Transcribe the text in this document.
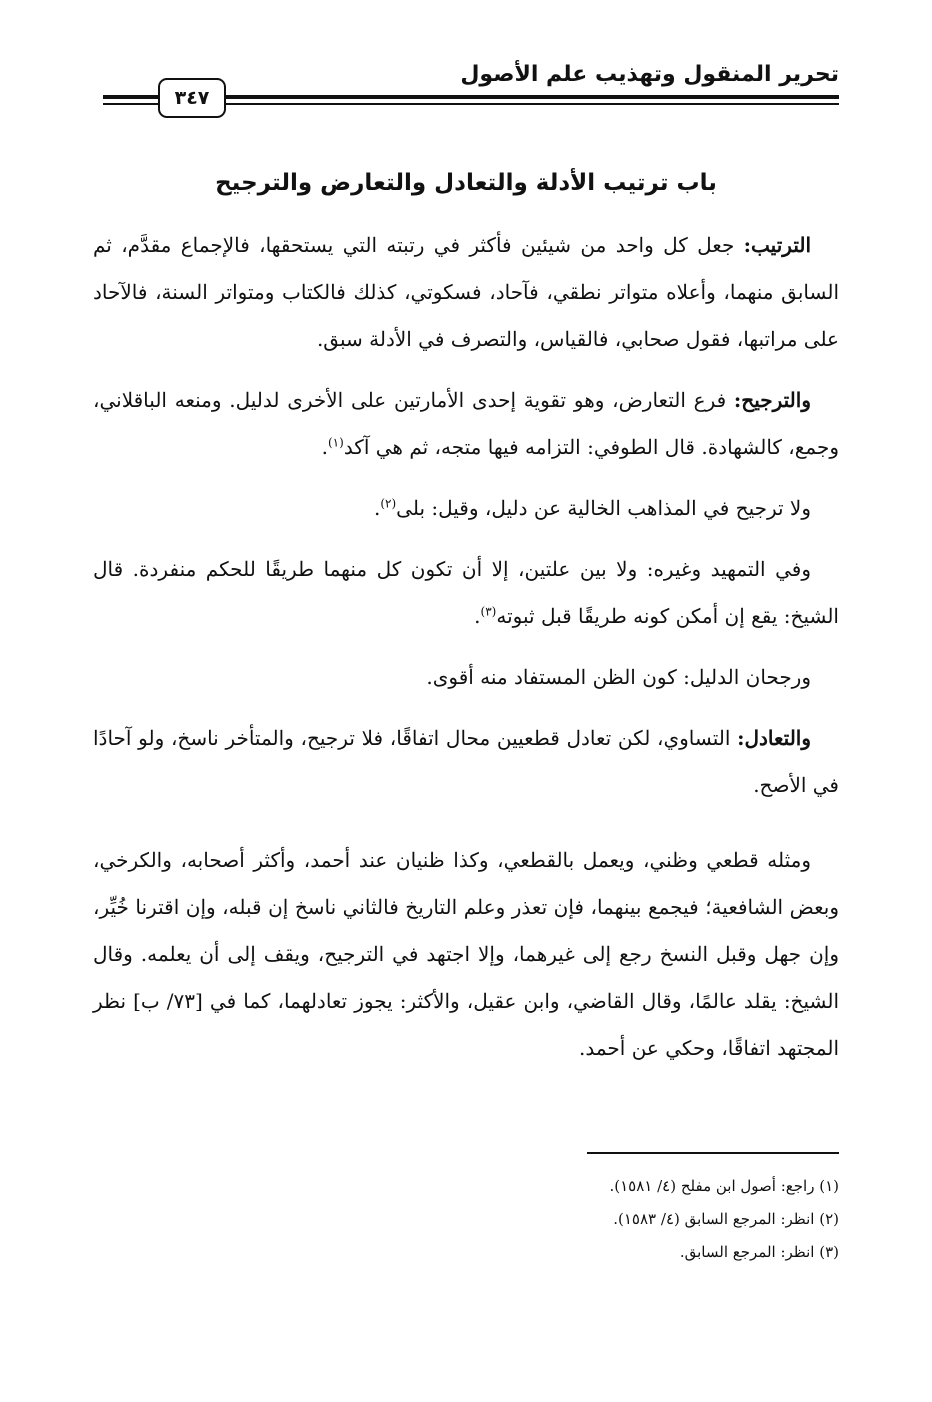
تحرير المنقول وتهذيب علم الأصول
٣٤٧
باب ترتيب الأدلة والتعادل والتعارض والترجيح

الترتيب: جعل كل واحد من شيئين فأكثر في رتبته التي يستحقها، فالإجماع مقدَّم، ثم السابق منهما، وأعلاه متواتر نطقي، فآحاد، فسكوتي، كذلك فالكتاب ومتواتر السنة، فالآحاد على مراتبها، فقول صحابي، فالقياس، والتصرف في الأدلة سبق.

والترجيح: فرع التعارض، وهو تقوية إحدى الأمارتين على الأخرى لدليل. ومنعه الباقلاني، وجمع، كالشهادة. قال الطوفي: التزامه فيها متجه، ثم هي آكد$^{(١)}$.

ولا ترجيح في المذاهب الخالية عن دليل، وقيل: بلى$^{(٢)}$.

وفي التمهيد وغيره: ولا بين علتين، إلا أن تكون كل منهما طريقًا للحكم منفردة. قال الشيخ: يقع إن أمكن كونه طريقًا قبل ثبوته$^{(٣)}$.

ورجحان الدليل: كون الظن المستفاد منه أقوى.

والتعادل: التساوي، لكن تعادل قطعيين محال اتفاقًا، فلا ترجيح، والمتأخر ناسخ، ولو آحادًا في الأصح.

ومثله قطعي وظني، ويعمل بالقطعي، وكذا ظنيان عند أحمد، وأكثر أصحابه، والكرخي، وبعض الشافعية؛ فيجمع بينهما، فإن تعذر وعلم التاريخ فالثاني ناسخ إن قبله، وإن اقترنا خُيِّر، وإن جهل وقبل النسخ رجع إلى غيرهما، وإلا اجتهد في الترجيح، ويقف إلى أن يعلمه. وقال الشيخ: يقلد عالمًا، وقال القاضي، وابن عقيل، والأكثر: يجوز تعادلهما، كما في [٧٣/ ب] نظر المجتهد اتفاقًا، وحكي عن أحمد.

(١) راجع: أصول ابن مفلح (٤/ ١٥٨١).
(٢) انظر: المرجع السابق (٤/ ١٥٨٣).
(٣) انظر: المرجع السابق.
